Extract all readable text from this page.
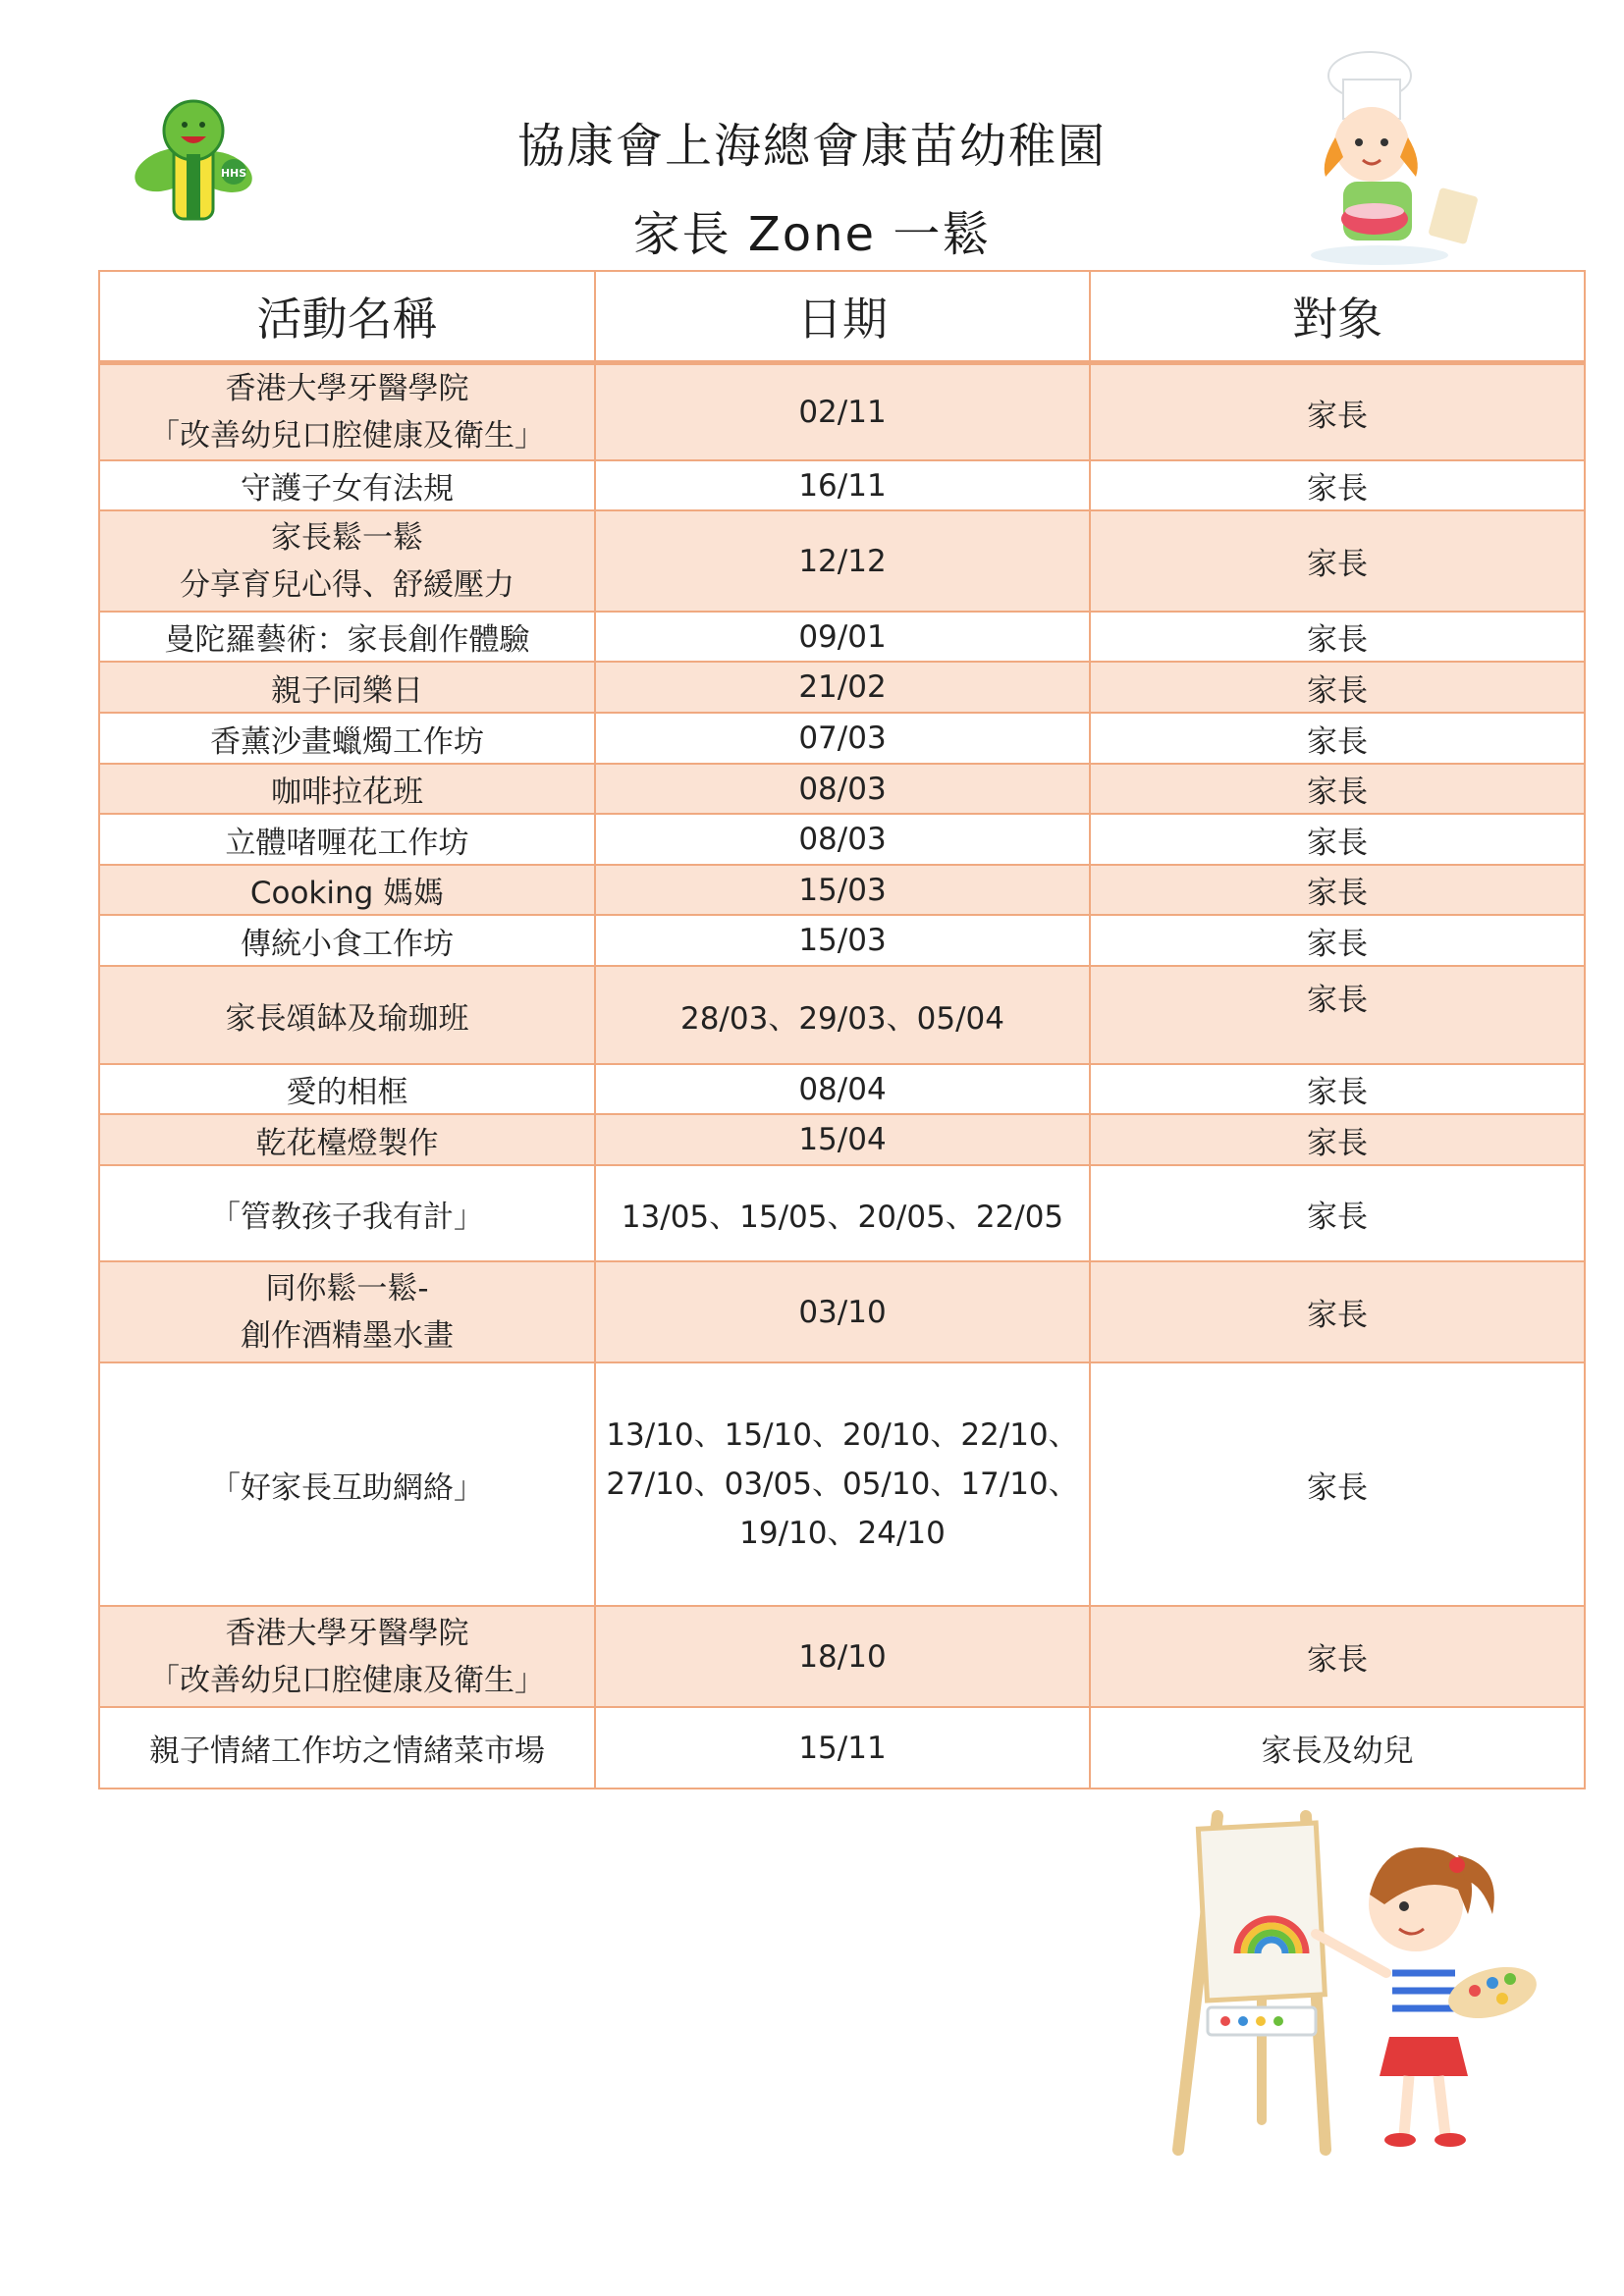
HHS	協康會上海總會康苗幼稚園
家長 Zone 一鬆
活動名稱	日期	對象

香港大學牙醫學院
「改善幼兒口腔健康及衛生」	02/11	家長
守護子女有法規	16/11	家長

家長鬆一鬆
分享育兒心得、舒緩壓力	12/12	家長
曼陀羅藝術：家長創作體驗	09/01	家長
親子同樂日	21/02	家長
香薰沙畫蠟燭工作坊	07/03	家長
咖啡拉花班	08/03	家長
立體啫喱花工作坊	08/03	家長
Cooking 媽媽	15/03	家長
傳統小食工作坊	15/03	家長
家長頌缽及瑜珈班	28/03、29/03、05/04	家長
愛的相框	08/04	家長
乾花檯燈製作	15/04	家長
「管教孩子我有計」	13/05、15/05、20/05、22/05	家長

同你鬆一鬆-
創作酒精墨水畫	03/10	家長
「好家長互助網絡」	13/10、15/10、20/10、22/10、
27/10、03/05、05/10、17/10、
19/10、24/10	家長

香港大學牙醫學院
「改善幼兒口腔健康及衛生」	18/10	家長
親子情緒工作坊之情緒菜市場	15/11	家長及幼兒
